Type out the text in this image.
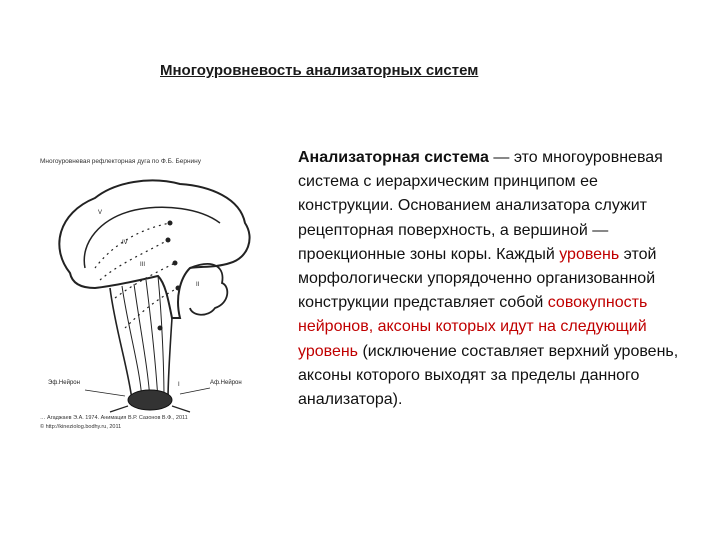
Многоуровневость анализаторных систем
Многоуровневая рефлекторная дуга по Ф.Б. Бернину
V
IV
III
II
I
Эф.Нейрон	Аф.Нейрон
… Агаджаев Э.А. 1974. Анимация В.Р. Сазонов В.Ф., 2011
© http://kineziolog.bodhy.ru, 2011
Анализаторная система — это многоуровневая система с иерархическим принципом ее конструкции. Основанием анализатора служит рецепторная поверхность, а вершиной — проекционные зоны коры. Каждый уровень этой морфологически упорядоченно организованной конструкции представляет собой совокупность нейронов, аксоны которых идут на следующий уровень (исключение составляет верхний уровень, аксоны которого выходят за пределы данного анализатора).
